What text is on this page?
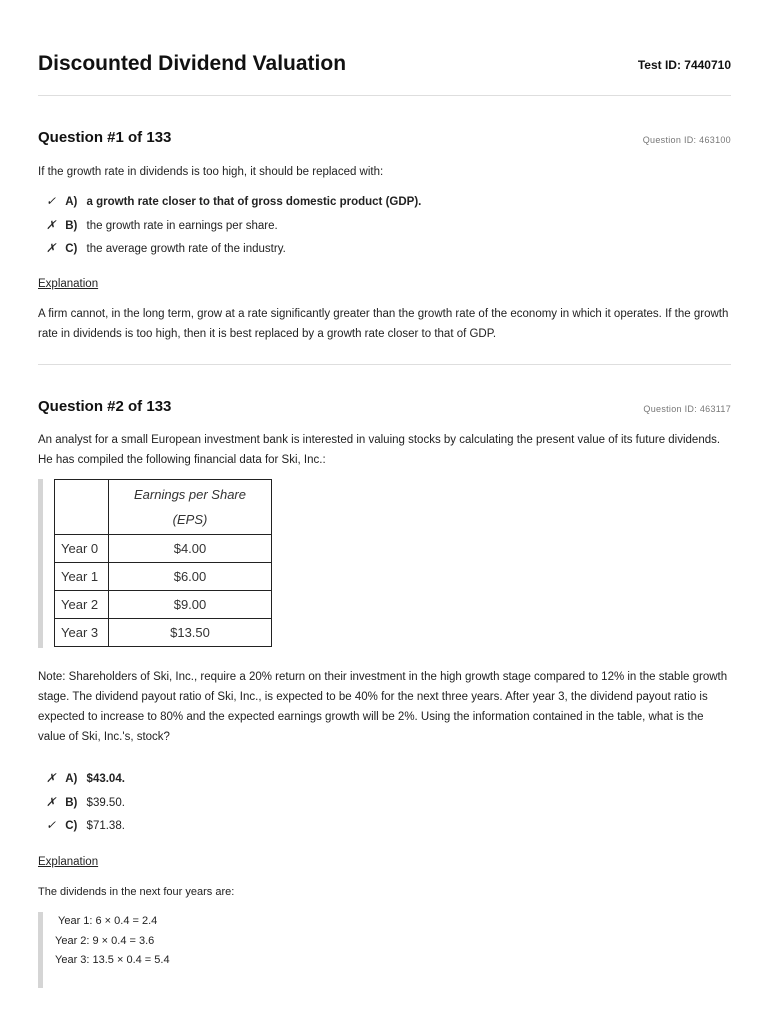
Discounted Dividend Valuation	Test ID: 7440710
Question #1 of 133	Question ID: 463100

If the growth rate in dividends is too high, it should be replaced with:

✓ A) a growth rate closer to that of gross domestic product (GDP).
✗ B) the growth rate in earnings per share.
✗ C) the average growth rate of the industry.
Explanation

A firm cannot, in the long term, grow at a rate significantly greater than the growth rate of the economy in which it operates. If the growth rate in dividends is too high, then it is best replaced by a growth rate closer to that of GDP.

Question #2 of 133	Question ID: 463117

An analyst for a small European investment bank is interested in valuing stocks by calculating the present value of its future dividends. He has compiled the following financial data for Ski, Inc.:

	Earnings per Share
(EPS)
Year 0	$4.00
Year 1	$6.00
Year 2	$9.00
Year 3	$13.50

Note: Shareholders of Ski, Inc., require a 20% return on their investment in the high growth stage compared to 12% in the stable growth stage. The dividend payout ratio of Ski, Inc., is expected to be 40% for the next three years. After year 3, the dividend payout ratio is expected to increase to 80% and the expected earnings growth will be 2%. Using the information contained in the table, what is the value of Ski, Inc.'s, stock?

✗ A) $43.04.
✗ B) $39.50.
✓ C) $71.38.
Explanation

The dividends in the next four years are:

Year 1: 6 × 0.4 = 2.4
Year 2: 9 × 0.4 = 3.6
Year 3: 13.5 × 0.4 = 5.4
